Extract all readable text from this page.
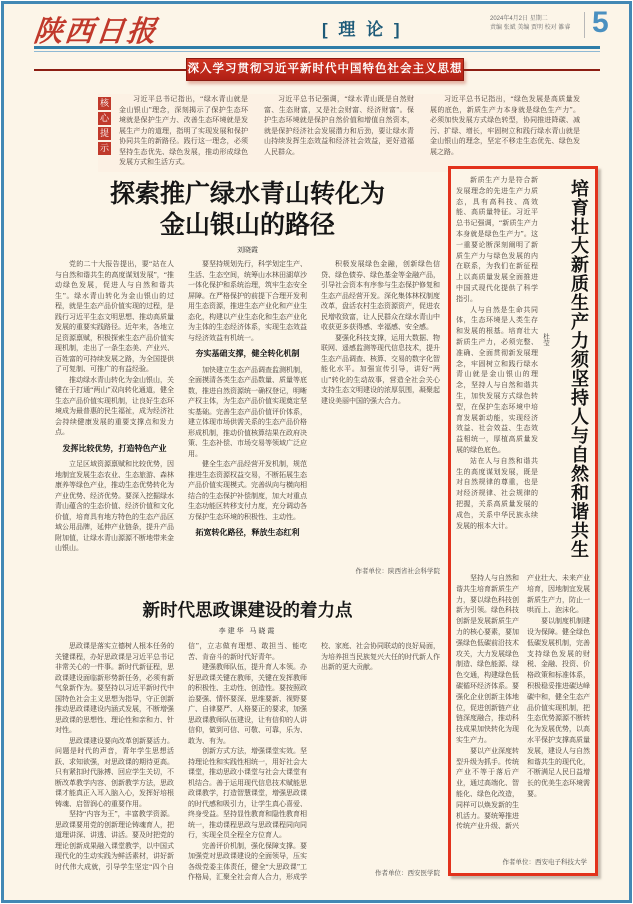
陕西日报	[ 理 论 ]
2024年4月2日 星期二
责编 张斌 美编 贾明 校对 雒睿 5
深入学习贯彻习近平新时代中国特色社会主义思想
核
心
提
示

习近平总书记指出，“绿水青山就是金山银山”理念，深刻揭示了保护生态环境就是保护生产力、改善生态环境就是发展生产力的道理，指明了实现发展和保护协同共生的新路径。践行这一理念，必须坚持生态优先、绿色发展，推动形成绿色发展方式和生活方式。

习近平总书记强调，“绿水青山既是自然财富、生态财富，又是社会财富、经济财富”。保护生态环境就是保护自然价值和增值自然资本，就是保护经济社会发展潜力和后劲，要让绿水青山持续发挥生态效益和经济社会效益，更好造福人民群众。

习近平总书记指出，“绿色发展是高质量发展的底色，新质生产力本身就是绿色生产力”。必须加快发展方式绿色转型，协同推进降碳、减污、扩绿、增长，牢固树立和践行绿水青山就是金山银山的理念，坚定不移走生态优先、绿色发展之路。

探索推广绿水青山转化为
金山银山的路径
刘晓霞

党的二十大报告提出，要“站在人与自然和谐共生的高度谋划发展”，“推动绿色发展，促进人与自然和谐共生”。绿水青山转化为金山银山的过程，就是生态产品价值实现的过程，是践行习近平生态文明思想、推动高质量发展的重要实践路径。近年来，各地立足资源禀赋，积极探索生态产品价值实现机制，走出了一条生态美、产业兴、百姓富的可持续发展之路，为全国提供了可复制、可推广的有益经验。

推动绿水青山转化为金山银山，关键在于打通“两山”双向转化通道，健全生态产品价值实现机制，让良好生态环境成为最普惠的民生福祉，成为经济社会持续健康发展的重要支撑点和发力点。

发挥比较优势，打造特色产业

立足区域资源禀赋和比较优势，因地制宜发展生态农业、生态旅游、森林康养等绿色产业，推动生态优势转化为产业优势、经济优势。要深入挖掘绿水青山蕴含的生态价值、经济价值和文化价值，培育具有地方特色的生态产品区域公用品牌，延伸产业链条，提升产品附加值，让绿水青山源源不断地带来金山银山。

要坚持规划先行，科学划定生产、生活、生态空间，统筹山水林田湖草沙一体化保护和系统治理，筑牢生态安全屏障。在严格保护的前提下合理开发利用生态资源，推进生态产业化和产业生态化，构建以产业生态化和生态产业化为主体的生态经济体系，实现生态效益与经济效益有机统一。

夯实基础支撑，健全转化机制

加快建立生态产品调查监测机制，全面摸清各类生态产品数量、质量等底数，推进自然资源统一确权登记，明晰产权主体，为生态产品价值实现奠定坚实基础。完善生态产品价值评价体系，建立体现市场供需关系的生态产品价格形成机制，推动价值核算结果在政府决策、生态补偿、市场交易等领域广泛应用。

健全生态产品经营开发机制，规范推进生态资源权益交易，不断拓展生态产品价值实现模式。完善纵向与横向相结合的生态保护补偿制度，加大对重点生态功能区转移支付力度，充分调动各方保护生态环境的积极性、主动性。

拓宽转化路径，释放生态红利

积极发展绿色金融，创新绿色信贷、绿色债券、绿色基金等金融产品，引导社会资本有序参与生态保护修复和生态产品经营开发。深化集体林权制度改革，盘活农村生态资源资产，促进农民增收致富，让人民群众在绿水青山中收获更多获得感、幸福感、安全感。

要强化科技支撑，运用大数据、物联网、遥感监测等现代信息技术，提升生态产品调查、核算、交易的数字化智能化水平。加强宣传引导，讲好“两山”转化的生动故事，营造全社会关心支持生态文明建设的浓厚氛围，凝聚起建设美丽中国的强大合力。

作者单位：陕西省社会科学院
新时代思政课建设的着力点
李建华 马晓霞

思政课是落实立德树人根本任务的关键课程，办好思政课是习近平总书记非常关心的一件事。新时代新征程，思政课建设面临新形势新任务，必须有新气象新作为。要坚持以习近平新时代中国特色社会主义思想为指导，守正创新推动思政课建设内涵式发展，不断增强思政课的思想性、理论性和亲和力、针对性。

思政课建设要向改革创新要活力。问题是时代的声音，青年学生思想活跃、求知欲强，对思政课的期待更高。只有紧扣时代脉搏、回应学生关切，不断改革教学内容、创新教学方法，思政课才能真正入耳入脑入心，发挥好培根铸魂、启智润心的重要作用。

坚持“内容为王”，丰富教学资源。思政课要用党的创新理论铸魂育人，把道理讲深、讲透、讲活。要及时把党的理论创新成果融入课堂教学，以中国式现代化的生动实践为鲜活素材，讲好新时代伟大成就，引导学生坚定“四个自信”，立志做有理想、敢担当、能吃苦、肯奋斗的新时代好青年。

建强教师队伍，提升育人本领。办好思政课关键在教师，关键在发挥教师的积极性、主动性、创造性。要按照政治要强、情怀要深、思维要新、视野要广、自律要严、人格要正的要求，加强思政课教师队伍建设，让有信仰的人讲信仰，做到可信、可敬、可靠，乐为、敢为、有为。

创新方式方法，增强课堂实效。坚持理论性和实践性相统一，用好社会大课堂，推动思政小课堂与社会大课堂有机结合。善于运用现代信息技术赋能思政课教学，打造智慧课堂，增强思政课的时代感和吸引力，让学生真心喜爱、终身受益。坚持显性教育和隐性教育相统一，推动课程思政与思政课程同向同行，实现全员全程全方位育人。

完善评价机制，强化保障支撑。要加强党对思政课建设的全面领导，压实各级党委主体责任，健全“大思政课”工作格局，汇聚全社会育人合力，形成学校、家庭、社会协同联动的良好局面，为培养担当民族复兴大任的时代新人作出新的更大贡献。

作者单位：西安医学院

新质生产力是符合新发展理念的先进生产力质态，具有高科技、高效能、高质量特征。习近平总书记强调，“新质生产力本身就是绿色生产力”。这一重要论断深刻阐明了新质生产力与绿色发展的内在联系，为我们在新征程上以高质量发展全面推进中国式现代化提供了科学指引。

人与自然是生命共同体，生态环境是人类生存和发展的根基。培育壮大新质生产力，必须完整、准确、全面贯彻新发展理念，牢固树立和践行绿水青山就是金山银山的理念，坚持人与自然和谐共生，加快发展方式绿色转型，在保护生态环境中培育发展新动能，实现经济效益、社会效益、生态效益相统一，厚植高质量发展的绿色底色。

站在人与自然和谐共生的高度谋划发展，既是对自然规律的尊重，也是对经济规律、社会规律的把握，关系高质量发展的成色，关系中华民族永续发展的根本大计。	培育壮大新质生产力须坚持人与自然和谐共生
杜莹

坚持人与自然和谐共生培育新质生产力，要以绿色科技创新为引领。绿色科技创新是发展新质生产力的核心要素，要加强绿色低碳前沿技术攻关，大力发展绿色制造、绿色能源、绿色交通，构建绿色低碳循环经济体系。要强化企业创新主体地位，促进创新链产业链深度融合，推动科技成果加快转化为现实生产力。

要以产业深度转型升级为抓手。传统产业不等于落后产业，通过高端化、智能化、绿色化改造，同样可以焕发新的生机活力。要统筹推进传统产业升级、新兴产业壮大、未来产业培育，因地制宜发展新质生产力，防止一哄而上、泡沫化。

要以制度机制建设为保障。健全绿色低碳发展机制，完善支持绿色发展的财税、金融、投资、价格政策和标准体系，积极稳妥推进碳达峰碳中和，健全生态产品价值实现机制，把生态优势源源不断转化为发展优势，以高水平保护支撑高质量发展，建设人与自然和谐共生的现代化，不断满足人民日益增长的优美生态环境需要。

作者单位：西安电子科技大学
